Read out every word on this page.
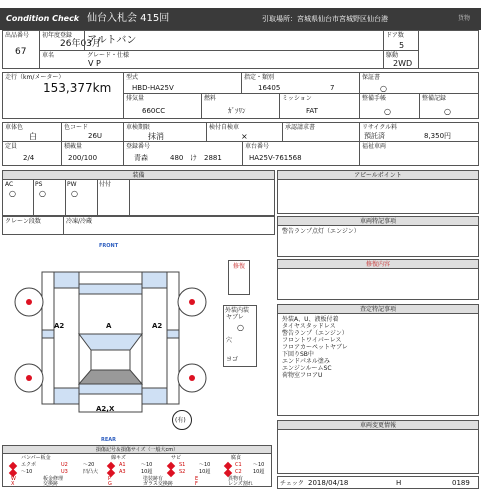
Condition Check 仙台入札会 415回	引取場所：宮城県仙台市宮城野区仙台港	貨物
出品番号
67
初年度登録
26年03月
アルトバン
車名	グレード・仕様
V P
ドア数
5
駆動
2WD
走行（km/メーター）
153,377km
型式
HBD-HA25V
指定・類別
16405	7
保証書
○
排気量
660CC
燃料
ｶﾞｿﾘﾝ
ミッション
FAT
整備手帳
○
整備記録
○
車体色
白
色コード
26U
車検期限
抹消
検付自検車
×
承認請求書	リサイクル料
預託済	8,350円
定員
2/4
積載量
200/100
登録番号
青森	480 け 2881
車台番号
HA25V-761568
福祉車両
装備
AC	PS	PW	付付
○	○	○
クレーン段数	冷凍/冷蔵
アピールポイント
車両特記事項
警告ランプ点灯（エンジン）
修復内容
FRONT
REAR
A2	A	A2
A2,X
修復
外装内装
ヤブレ
○
穴
ヨゴ
(有)
査定特記事項
外装A、U、液板付着
タイヤスタッドレス
警告ランプ（エンジン）
フロントワイパーレス
フロアカーペットヤブレ
下回りSB中
エンドパネル塗み
エンジンルームSC
荷物室フロアU
車両変更情報
損傷記号＆損傷サイズ（一般大cm）
バンパー板金	線キズ	サビ	腐食
エクボ	U2	～20	A1	～10	S1	～10	C1 ～10
～10	U3	凹凸大	A3	10超	S2	10超	C2 10超
W	板金修理	P	塗装跡有	E	異物有
X	交換跡	G	ガラス交換跡	F	レンズ割れ	チェック 2018/04/18	H	0189
